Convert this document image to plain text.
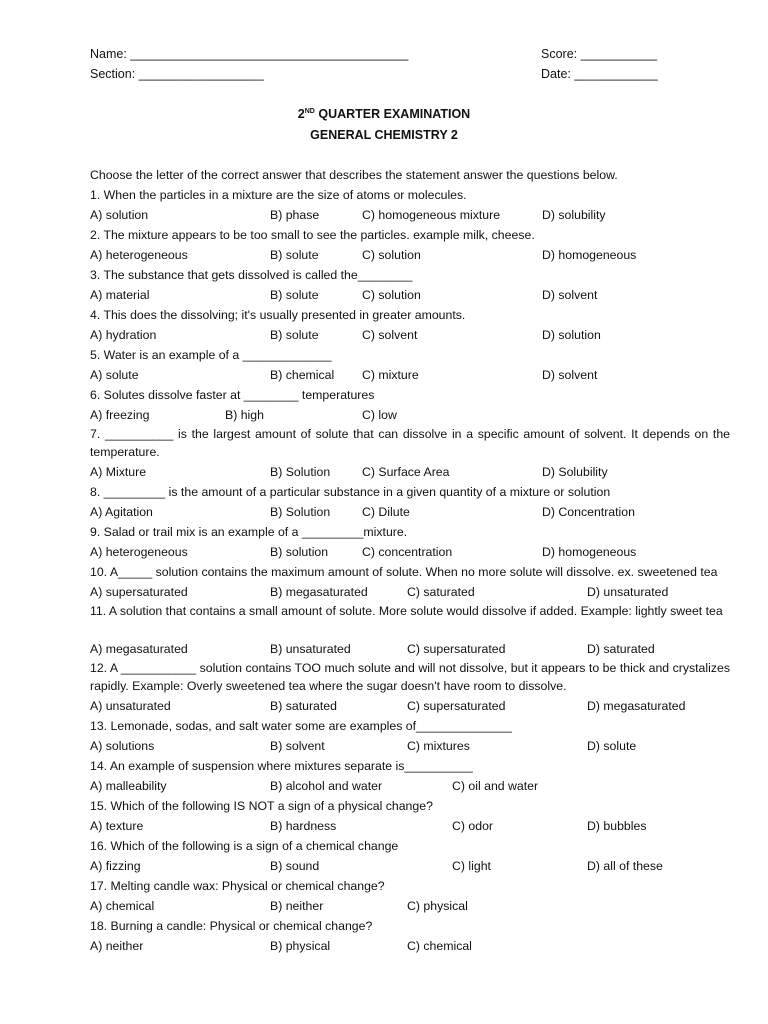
Name: ________________________________________	Score: ___________
Section: __________________	Date: ____________
2ND QUARTER EXAMINATION
GENERAL CHEMISTRY 2
Choose the letter of the correct answer that describes the statement answer the questions below.
1. When the particles in a mixture are the size of atoms or molecules.
A) solution	B) phase	C) homogeneous mixture	D) solubility
2. The mixture appears to be too small to see the particles. example milk, cheese.
A) heterogeneous	B) solute	C) solution	D) homogeneous
3. The substance that gets dissolved is called the________
A) material	B) solute	C) solution	D) solvent
4. This does the dissolving; it's usually presented in greater amounts.
A) hydration	B) solute	C) solvent	D) solution
5. Water is an example of a _____________
A) solute	B) chemical C) mixture	D) solvent
6. Solutes dissolve faster at ________ temperatures
A) freezing	B) high	C) low
7. __________ is the largest amount of solute that can dissolve in a specific amount of solvent. It depends on the temperature.
A) Mixture	B) Solution	C) Surface Area	D) Solubility
8. _________ is the amount of a particular substance in a given quantity of a mixture or solution
A) Agitation	B) Solution	C) Dilute	D) Concentration
9. Salad or trail mix is an example of a _________mixture.
A) heterogeneous	B) solution	C) concentration	D) homogeneous
10. A_____ solution contains the maximum amount of solute. When no more solute will dissolve. ex. sweetened tea
A) supersaturated	B) megasaturated	C) saturated	D) unsaturated
11. A solution that contains a small amount of solute. More solute would dissolve if added. Example: lightly sweet tea
A) megasaturated	B) unsaturated	C) supersaturated	D) saturated
12. A ___________ solution contains TOO much solute and will not dissolve, but it appears to be thick and crystalizes rapidly. Example: Overly sweetened tea where the sugar doesn't have room to dissolve.
A) unsaturated	B) saturated	C) supersaturated	D) megasaturated
13. Lemonade, sodas, and salt water some are examples of______________
A) solutions	B) solvent	C) mixtures	D) solute
14. An example of suspension where mixtures separate is__________
A) malleability	B) alcohol and water	C) oil and water
15. Which of the following IS NOT a sign of a physical change?
A) texture	B) hardness	C) odor	D) bubbles
16. Which of the following is a sign of a chemical change
A) fizzing	B) sound	C) light	D) all of these
17. Melting candle wax: Physical or chemical change?
A) chemical	B) neither	C) physical
18. Burning a candle: Physical or chemical change?
A) neither	B) physical	C) chemical
